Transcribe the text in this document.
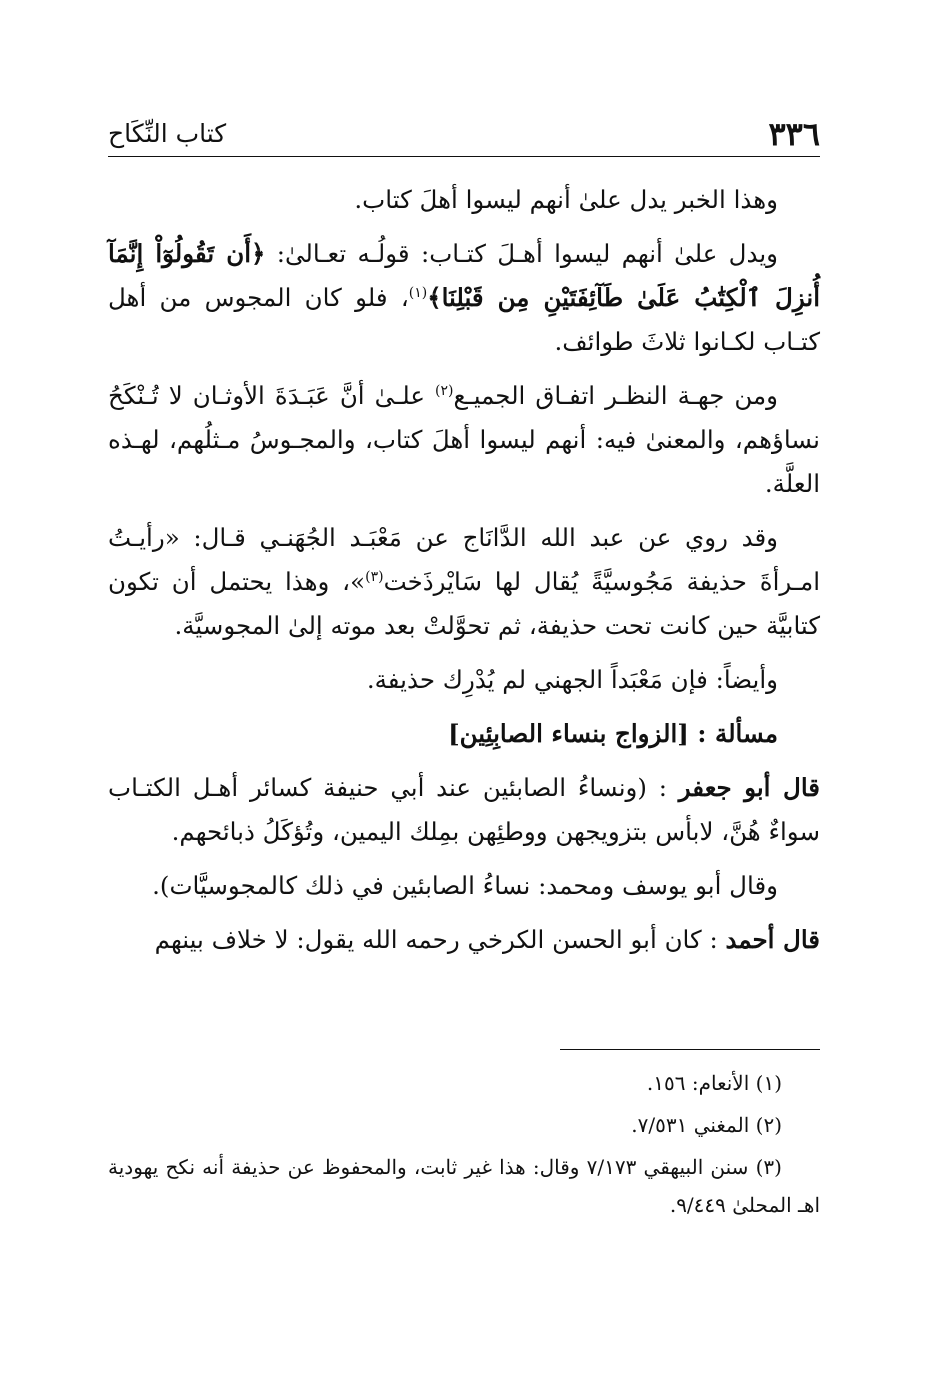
٣٣٦
كتاب النِّكَاح

وهذا الخبر يدل علىٰ أنهم ليسوا أهلَ كتاب.

ويدل علىٰ أنهم ليسوا أهـلَ كتـاب: قولُـه تعـالىٰ: ﴿أَن تَقُولُوٓاْ إِنَّمَآ أُنزِلَ ٱلْكِتَٰبُ عَلَىٰ طَآئِفَتَيْنِ مِن قَبْلِنَا﴾$^{(١)}$، فلو كان المجوس من أهل كتـاب لكـانوا ثلاثَ طوائف.

ومن جهـة النظـر اتفـاق الجميـع$^{(٢)}$ علـىٰ أنَّ عَبَـدَةَ الأوثـان لا تُـنْكَحُ نساؤهم، والمعنىٰ فيه: أنهم ليسوا أهلَ كتاب، والمجـوسُ مـثلُهم، لهـذه العلَّة.

وقد روي عن عبد الله الدَّانَاج عن مَعْبَـد الجُهَنـي قـال: «رأيـتُ امـرأةَ حذيفة مَجُوسيَّةً يُقال لها سَايْرذَخت$^{(٣)}$»، وهذا يحتمل أن تكون كتابيَّة حين كانت تحت حذيفة، ثم تحوَّلتْ بعد موته إلىٰ المجوسيَّة.

وأيضاً: فإن مَعْبَداً الجهني لم يُدْرِك حذيفة.

مسألة : [الزواج بنساء الصابِئِين]

قال أبو جعفر : (ونساءُ الصابئين عند أبي حنيفة كسائر أهـل الكتـاب سواءٌ هُنَّ، لابأس بتزويجهن ووطئِهن بمِلك اليمين، وتُؤكَلُ ذبائحهم.

وقال أبو يوسف ومحمد: نساءُ الصابئين في ذلك كالمجوسيَّات).

قال أحمد : كان أبو الحسن الكرخي رحمه الله يقول: لا خلاف بينهم

(١) الأنعام: ١٥٦.

(٢) المغني ٧/٥٣١.

(٣) سنن البيهقي ٧/١٧٣ وقال: هذا غير ثابت، والمحفوظ عن حذيفة أنه نكح يهودية اهـ المحلىٰ ٩/٤٤٩.
